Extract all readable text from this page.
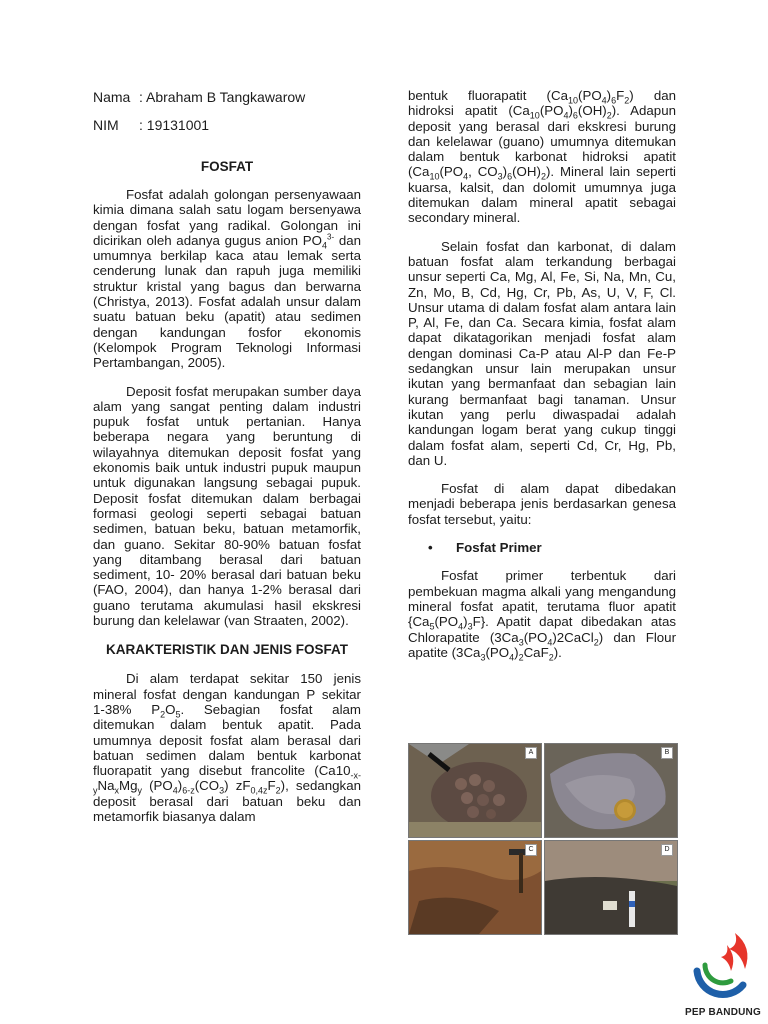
Nama : Abraham B Tangkawarow
NIM	: 19131001
FOSFAT

Fosfat adalah golongan persenyawaan kimia dimana salah satu logam bersenyawa dengan fosfat yang radikal. Golongan ini dicirikan oleh adanya gugus anion $PO_4^{3-}$ dan umumnya berkilap kaca atau lemak serta cenderung lunak dan rapuh juga memiliki struktur kristal yang bagus dan berwarna (Christya, 2013). Fosfat adalah unsur dalam suatu batuan beku (apatit) atau sedimen dengan kandungan fosfor ekonomis (Kelompok Program Teknologi Informasi Pertambangan, 2005).

Deposit fosfat merupakan sumber daya alam yang sangat penting dalam industri pupuk fosfat untuk pertanian. Hanya beberapa negara yang beruntung di wilayahnya ditemukan deposit fosfat yang ekonomis baik untuk industri pupuk maupun untuk digunakan langsung sebagai pupuk. Deposit fosfat ditemukan dalam berbagai formasi geologi seperti sebagai batuan sedimen, batuan beku, batuan metamorfik, dan guano. Sekitar 80-90% batuan fosfat yang ditambang berasal dari batuan sediment, 10- 20% berasal dari batuan beku (FAO, 2004), dan hanya 1-2% berasal dari guano terutama akumulasi hasil ekskresi burung dan kelelawar (van Straaten, 2002).

KARAKTERISTIK DAN JENIS FOSFAT

Di alam terdapat sekitar 150 jenis mineral fosfat dengan kandungan P sekitar 1-38% $P_2O_5$. Sebagian fosfat alam ditemukan dalam bentuk apatit. Pada umumnya deposit fosfat alam berasal dari batuan sedimen dalam bentuk karbonat fluorapatit yang disebut francolite ($Ca10_{-x-y}Na_xMg_y$ $(PO_4)_{6-z}(CO_3)$ $zF_{0,4z}F_2$), sedangkan deposit berasal dari batuan beku dan metamorfik biasanya dalam

bentuk fluorapatit $(Ca_{10}(PO_4)_6F_2)$ dan hidroksi apatit $(Ca_{10}(PO_4)_6(OH)_2)$. Adapun deposit yang berasal dari ekskresi burung dan kelelawar (guano) umumnya ditemukan dalam bentuk karbonat hidroksi apatit ($Ca_{10}(PO_4$, $CO_3)_6(OH)_2$). Mineral lain seperti kuarsa, kalsit, dan dolomit umumnya juga ditemukan dalam mineral apatit sebagai secondary mineral.

Selain fosfat dan karbonat, di dalam batuan fosfat alam terkandung berbagai unsur seperti Ca, Mg, Al, Fe, Si, Na, Mn, Cu, Zn, Mo, B, Cd, Hg, Cr, Pb, As, U, V, F, Cl. Unsur utama di dalam fosfat alam antara lain P, Al, Fe, dan Ca. Secara kimia, fosfat alam dapat dikatagorikan menjadi fosfat alam dengan dominasi Ca-P atau Al-P dan Fe-P sedangkan unsur lain merupakan unsur ikutan yang bermanfaat dan sebagian lain kurang bermanfaat bagi tanaman. Unsur ikutan yang perlu diwaspadai adalah kandungan logam berat yang cukup tinggi dalam fosfat alam, seperti Cd, Cr, Hg, Pb, dan U.

Fosfat di alam dapat dibedakan menjadi beberapa jenis berdasarkan genesa fosfat tersebut, yaitu:

•	Fosfat Primer

Fosfat primer terbentuk dari pembekuan magma alkali yang mengandung mineral fosfat apatit, terutama fluor apatit $\{Ca_5(PO_4)_3F\}$. Apatit dapat dibedakan atas Chlorapatite $(3Ca_3(PO_4)2CaCl_2)$ dan Flour apatite $(3Ca_3(PO_4)_2CaF_2)$.

A	B
C	D
PEP BANDUNG
